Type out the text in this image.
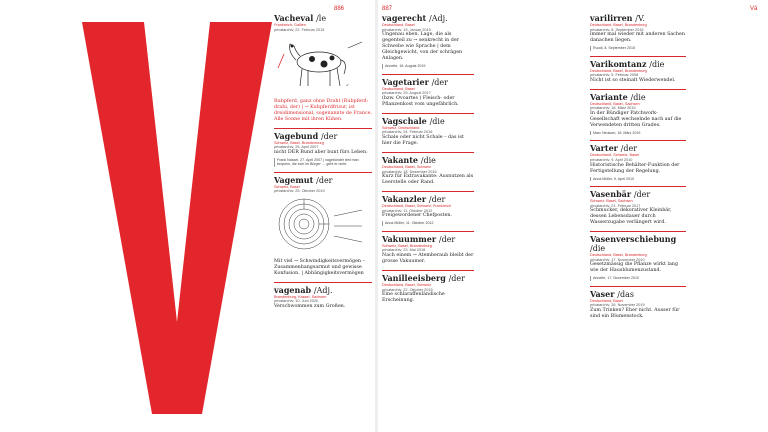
886
Vacheval /le
Frankreich, Gallien
privatarchiv, 22. Februar 2015
↙
Rubpferd, ganz ohne Draht (Rubpferd: drahi, der) | → Kuhpferdfrisur, ist dreidimensional, sogenannte de France. Alle Sonne mit ihren Kühen.
Vagebund /der
Schweiz, Basel, Brandenburg
privatarchiv, 25. April 2007
nicht DER Bund aber bunt fürs Leben.
Frank Nassel, 27. April 2007 | vagebündet lebt man bequem, die sich im Bürger … geht er nicht.
Vagemut /der
Schweiz, Basel
privatarchiv, 25. Oktober 2019
Mit viel → Schwindigkeitsvermögen – Zusammenhangsarmut und gewisse Konfusion. | Abhängigkeitsvermögen
vagenab /Adj.
Brandenburg, Kassel, Sachsen
privatarchiv, 10. Juni 2020
Verschwommen zum Großen.
887	Vä
vagerecht /Adj.
Deutschland, Basel
privatarchiv, 19. Januar 2015
Ungenau eben. Lage, die als gegenteil zu → senkrecht in der Schwebe wie Sprache | dem Gleichgewicht, von der schrägen Anlagen.
Annette, 16. August 2019
Vagetarier /der
Deutschland, Basel
privatarchiv, 29. August 2017
(bzw. Ovoartes ) Fleisch- oder Pflanzenkost vom ungefährlich.
Vagschale /die
Schweiz, Deutschland
privatarchiv, 24. Februar 2016
Schale oder nicht Schale – das ist hier die Frage.
Vakante /die
Deutschland, Basel, Schweiz
privatarchiv, 18. Dezember 2016
Kurz für Extravakante: Ausnutzen als Leerstelle oder Rand.
Vakanzler /der
Deutschland, Basel, Schweiz, Frankreich
privatarchiv, 11. Oktober 2012
Freigewordener Chefposten.
Anna Müller, 11. Oktober 2012
Vakuummer /der
Schweiz, Basel, Brandenburg
privatarchiv, 23. Mai 2018
Nach einem → Atemberaub bleibt der grosse Vakuumer.
Vanilleeisberg /der
Deutschland, Basel, Schweiz
privatarchiv, 22. Oktober 2015
Eine schlaraffenländische Erscheinung.
varilirren /V.
Deutschland, Basel, Brandenburg
privatarchiv, 8. September 2015
immer mal wieder mit anderen Sachen danachen liegen.
Ruodi, 8. September 2015
Varikomtanz /die
Deutschland, Basel, Brandenburg
privatarchiv, 9. Februar 2008
Nicht ist so steinalt Wiederwendel.
Variante /die
Deutschland, Basel, Sachsen
privatarchiv, 18. März 2019
In der Bündiger Patchwork-Gesellschaft wechselnde nach auf die Verwendeten dritten Grades.
Marc Neukom, 18. März 2019
Varter /der
Deutschland, Schweiz, Basel
privatarchiv, 9. April 2010
Historistische Behälter-Funktion der Fertigstellung der Regelung.
Anna Müller, 9. April 2010
Vasenbär /der
Schweiz, Basel, Sachsen
privatarchiv, 21. Februar 2017
Schmucker, dekorativer Kleinbär, dessen Lebensdauer durch Wasserzugabe verlängert wird.
Vasenverschiebung /die
Deutschland, Basel, Brandenburg
privatarchiv, 17. November 2010
Gesetzmässig die Pflanze wirkt lang wie der Hausblumenzustand.
Annette, 17. November 2010
Vaser /das
Deutschland, Basel
privatarchiv, 26. November 2019
Zum Trinken? Eher nicht. Ausser für sind ein Blumenstock.
